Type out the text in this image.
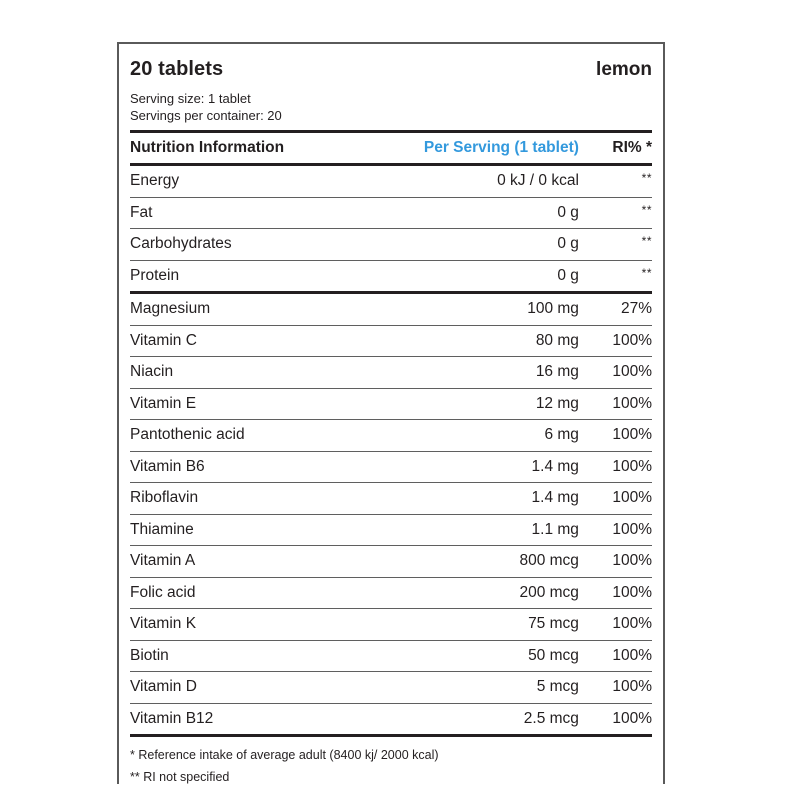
20 tablets	lemon
Serving size: 1 tablet
Servings per container: 20
Nutrition Information	Per Serving (1 tablet)	RI% *
Energy	0 kJ / 0 kcal	**
Fat	0 g	**
Carbohydrates	0 g	**
Protein	0 g	**
Magnesium	100 mg	27%
Vitamin C	80 mg	100%
Niacin	16 mg	100%
Vitamin E	12 mg	100%
Pantothenic acid	6 mg	100%
Vitamin B6	1.4 mg	100%
Riboflavin	1.4 mg	100%
Thiamine	1.1 mg	100%
Vitamin A	800 mcg	100%
Folic acid	200 mcg	100%
Vitamin K	75 mcg	100%
Biotin	50 mcg	100%
Vitamin D	5 mcg	100%
Vitamin B12	2.5 mcg	100%
* Reference intake of average adult (8400 kj/ 2000 kcal)
** RI not specified
